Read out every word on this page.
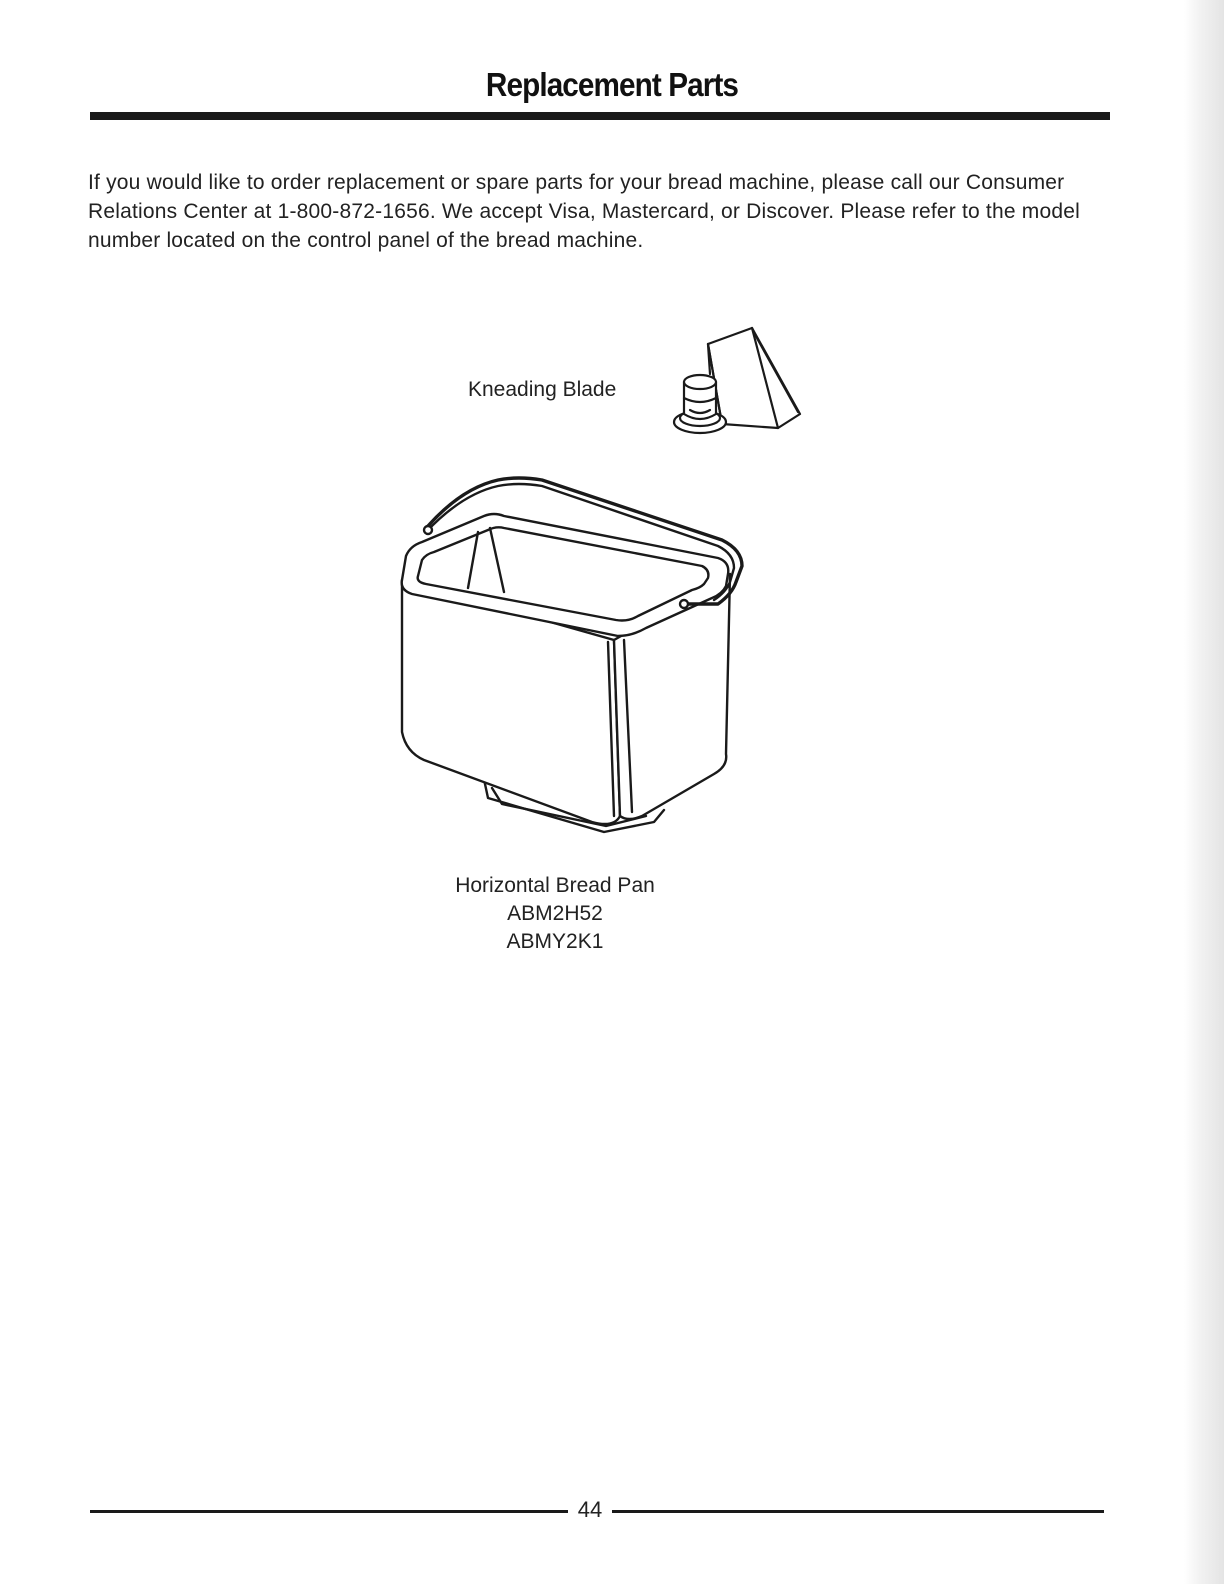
Replacement Parts

If you would like to order replacement or spare parts for your bread machine, please call our Consumer Relations Center at 1-800-872-1656. We accept Visa, Mastercard, or Discover. Please refer to the model number located on the control panel of the bread machine.

Kneading Blade
Horizontal Bread Pan
ABM2H52
ABMY2K1
44
